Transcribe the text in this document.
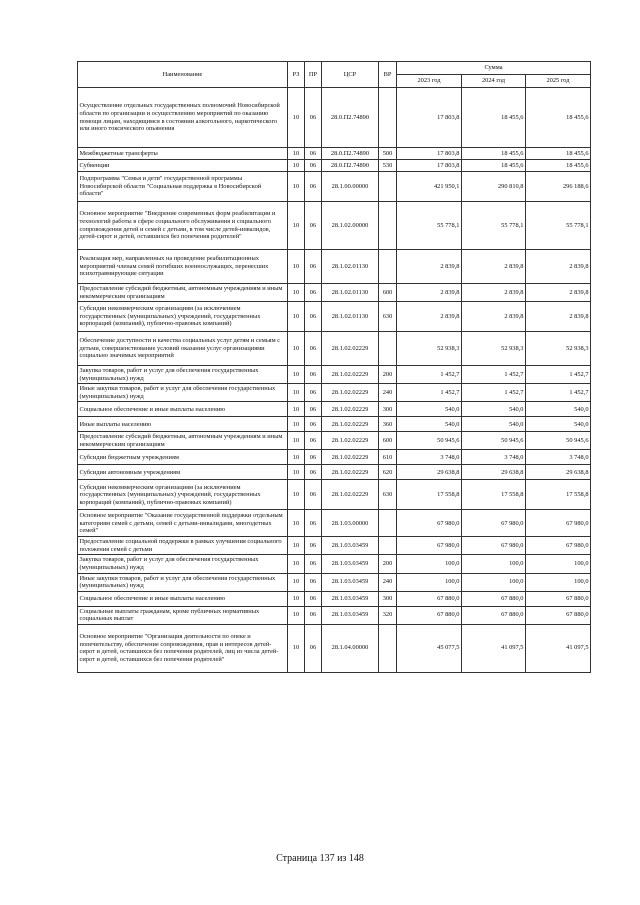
Наименование	РЗ	ПР	ЦСР	ВР	Сумма		
					2023 год	2024 год	2025 год
Осуществление отдельных государственных полномочий Новосибирской области по организации и осуществлению мероприятий по оказанию помощи лицам, находящимся в состоянии алкогольного, наркотического или иного токсического опьянения	10	06	28.0.П2.74890		17 803,8	18 455,6	18 455,6
Межбюджетные трансферты	10	06	28.0.П2.74890	500	17 803,8	18 455,6	18 455,6
Субвенции	10	06	28.0.П2.74890	530	17 803,8	18 455,6	18 455,6
Подпрограмма "Семья и дети" государственной программы Новосибирской области "Социальная поддержка в Новосибирской области"	10	06	28.1.00.00000		421 950,1	290 810,8	296 188,6
Основное мероприятие "Внедрение современных форм реабилитации и технологий работы в сфере социального обслуживания и социального сопровождения детей и семей с детьми, в том числе детей-инвалидов, детей-сирот и детей, оставшихся без попечения родителей"	10	06	28.1.02.00000		55 778,1	55 778,1	55 778,1
Реализация мер, направленных на проведение реабилитационных мероприятий членам семей погибших военнослужащих, перенесших психотравмирующие ситуации	10	06	28.1.02.01130		2 839,8	2 839,8	2 839,8
Предоставление субсидий бюджетным, автономным учреждениям и иным некоммерческим организациям	10	06	28.1.02.01130	600	2 839,8	2 839,8	2 839,8
Субсидии некоммерческим организациям (за исключением государственных (муниципальных) учреждений, государственных корпораций (компаний), публично-правовых компаний)	10	06	28.1.02.01130	630	2 839,8	2 839,8	2 839,8
Обеспечение доступности и качества социальных услуг детям и семьям с детьми, совершенствование условий оказания услуг организациями социально значимых мероприятий	10	06	28.1.02.02229		52 938,3	52 938,3	52 938,3
Закупка товаров, работ и услуг для обеспечения государственных (муниципальных) нужд	10	06	28.1.02.02229	200	1 452,7	1 452,7	1 452,7
Иные закупки товаров, работ и услуг для обеспечения государственных (муниципальных) нужд	10	06	28.1.02.02229	240	1 452,7	1 452,7	1 452,7
Социальное обеспечение и иные выплаты населению	10	06	28.1.02.02229	300	540,0	540,0	540,0
Иные выплаты населению	10	06	28.1.02.02229	360	540,0	540,0	540,0
Предоставление субсидий бюджетным, автономным учреждениям и иным некоммерческим организациям	10	06	28.1.02.02229	600	50 945,6	50 945,6	50 945,6
Субсидии бюджетным учреждениям	10	06	28.1.02.02229	610	3 748,0	3 748,0	3 748,0
Субсидии автономным учреждениям	10	06	28.1.02.02229	620	29 638,8	29 638,8	29 638,8
Субсидии некоммерческим организациям (за исключением государственных (муниципальных) учреждений, государственных корпораций (компаний), публично-правовых компаний)	10	06	28.1.02.02229	630	17 558,8	17 558,8	17 558,8
Основное мероприятие "Оказание государственной поддержки отдельным категориям семей с детьми, семей с детьми-инвалидами, многодетных семей"	10	06	28.1.03.00000		67 980,0	67 980,0	67 980,0
Предоставление социальной поддержки в рамках улучшения социального положения семей с детьми	10	06	28.1.03.03459		67 980,0	67 980,0	67 980,0
Закупка товаров, работ и услуг для обеспечения государственных (муниципальных) нужд	10	06	28.1.03.03459	200	100,0	100,0	100,0
Иные закупки товаров, работ и услуг для обеспечения государственных (муниципальных) нужд	10	06	28.1.03.03459	240	100,0	100,0	100,0
Социальное обеспечение и иные выплаты населению	10	06	28.1.03.03459	300	67 880,0	67 880,0	67 880,0
Социальные выплаты гражданам, кроме публичных нормативных социальных выплат	10	06	28.1.03.03459	320	67 880,0	67 880,0	67 880,0
Основное мероприятие "Организация деятельности по опеке и попечительству, обеспечение сопровождения, прав и интересов детей-сирот и детей, оставшихся без попечения родителей, лиц из числа детей-сирот и детей, оставшихся без попечения родителей"	10	06	28.1.04.00000		45 077,5	41 097,5	41 097,5
Страница 137 из 148
